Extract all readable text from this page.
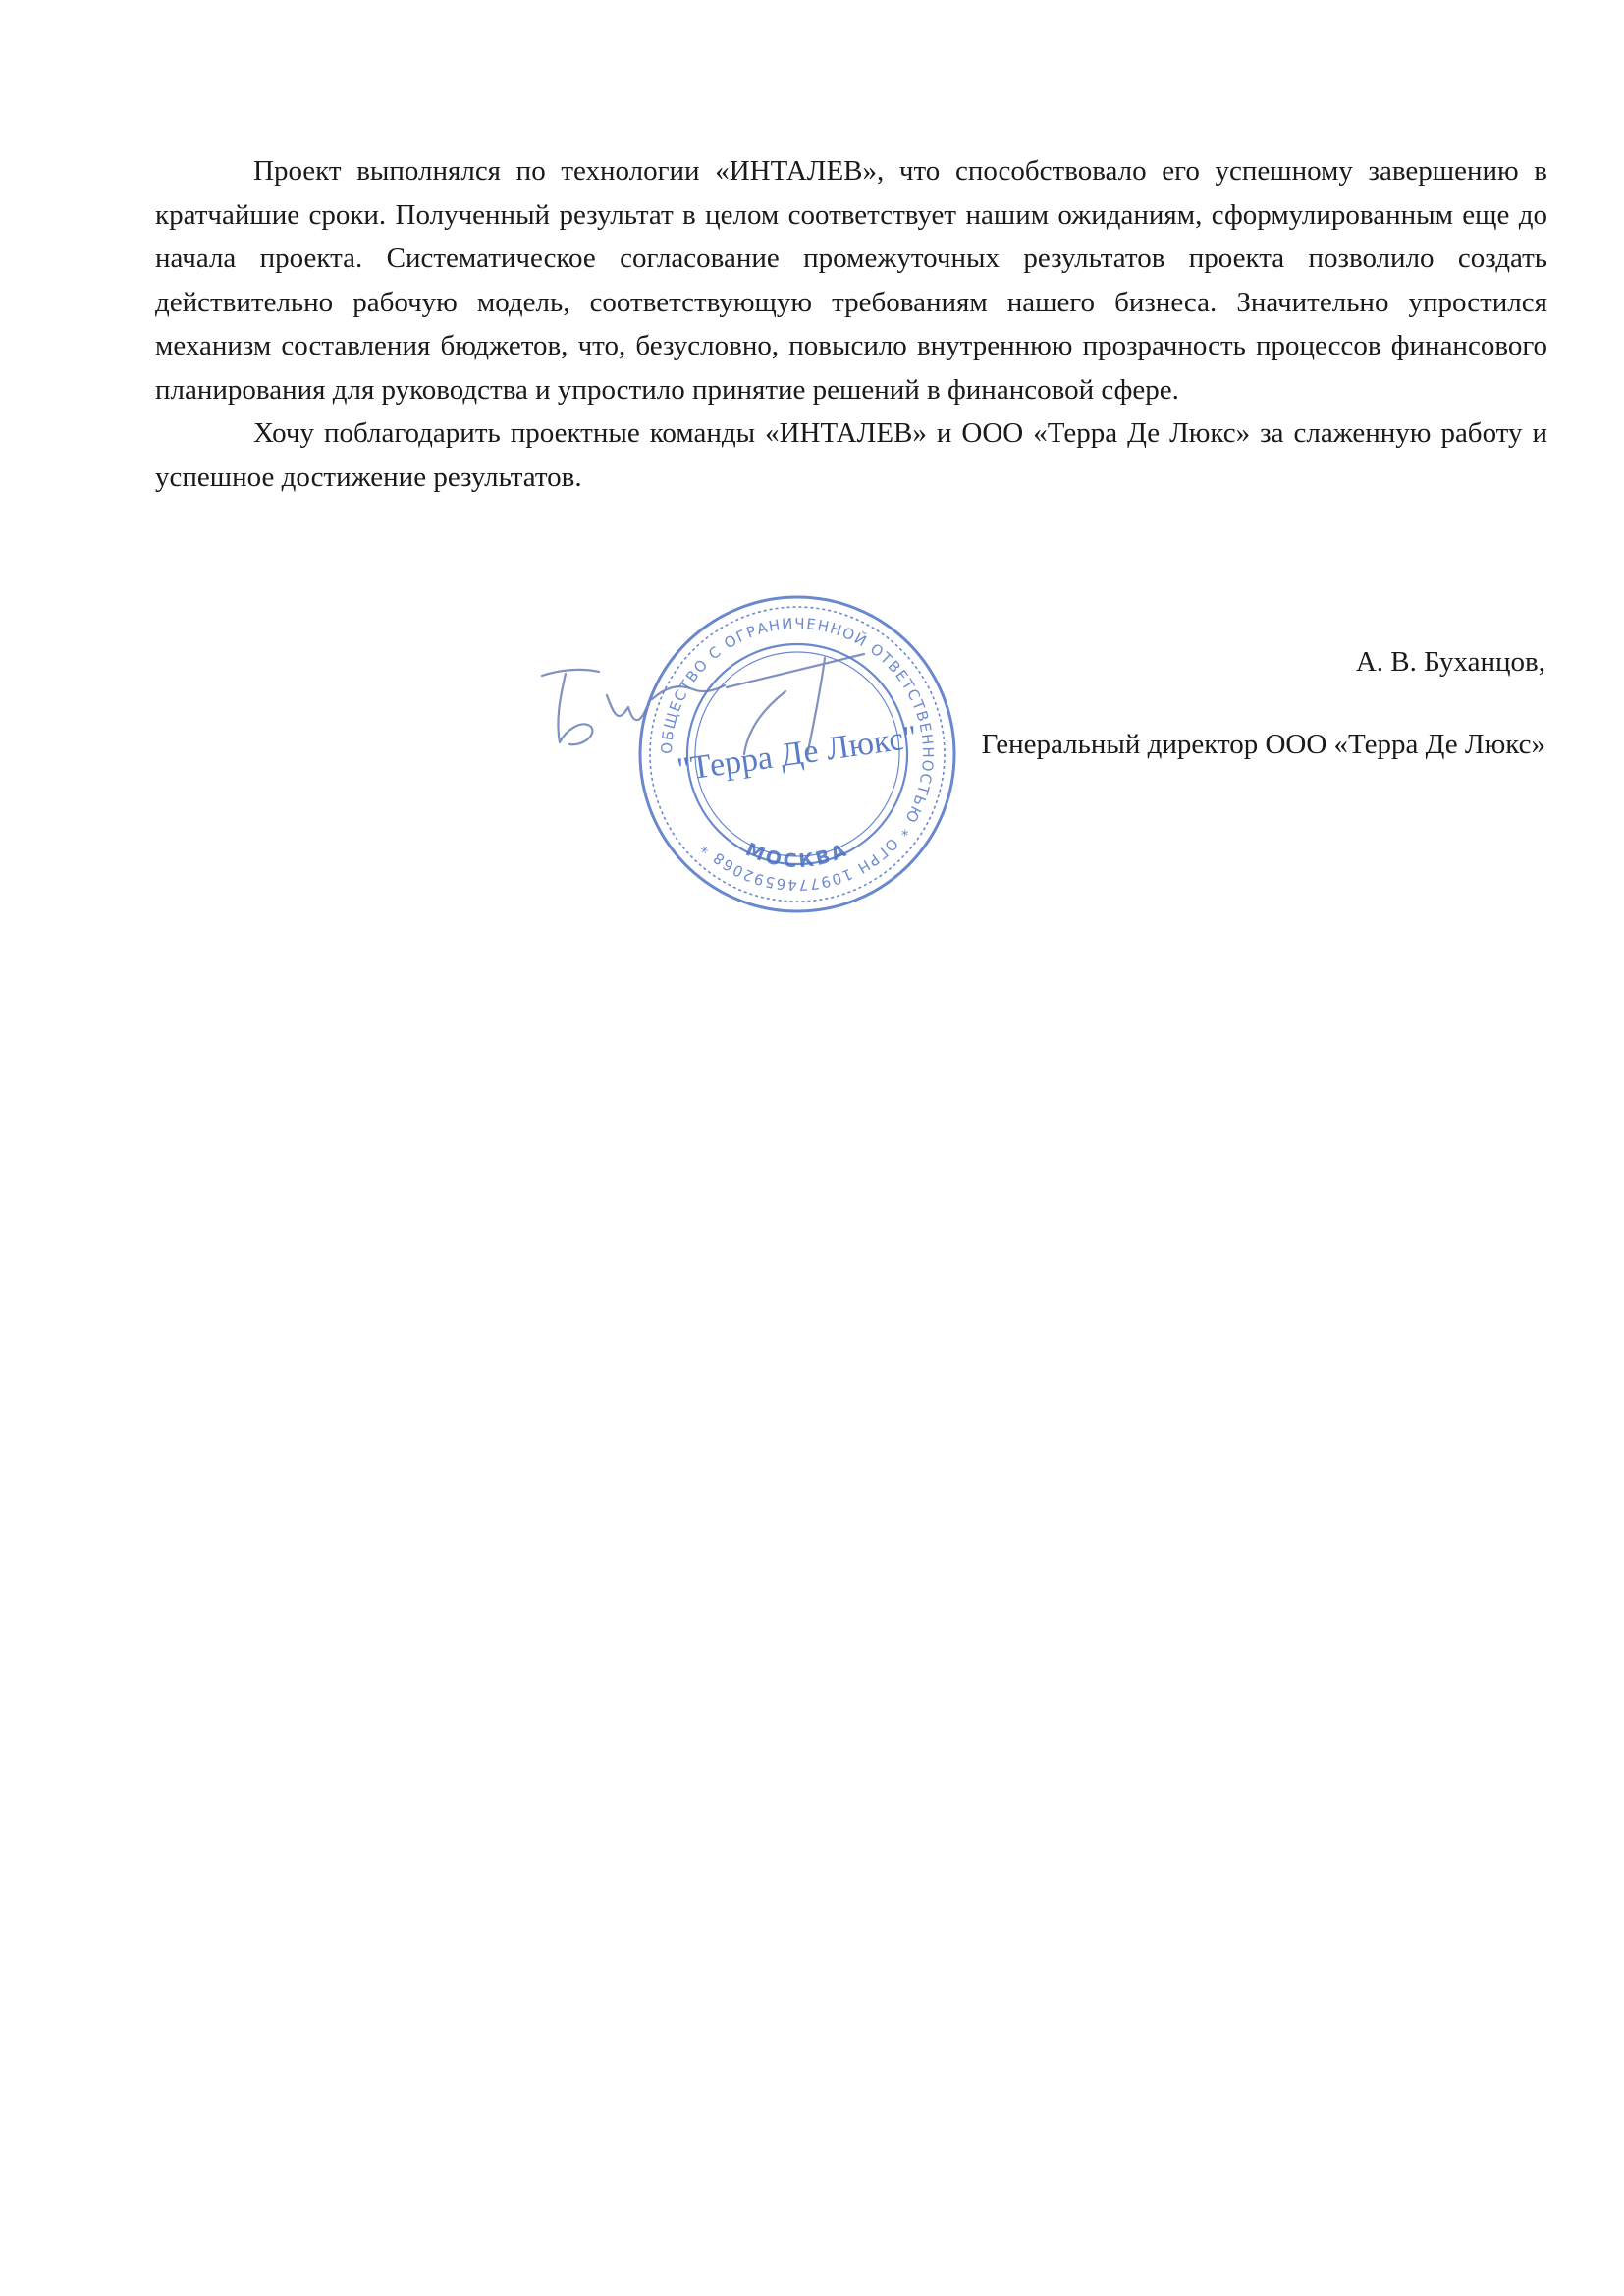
Проект выполнялся по технологии «ИНТАЛЕВ», что способствовало его успешному завершению в кратчайшие сроки. Полученный результат в целом соответствует нашим ожиданиям, сформулированным еще до начала проекта. Систематическое согласование промежуточных результатов проекта позволило создать действительно рабочую модель, соответствующую требованиям нашего бизнеса. Значительно упростился механизм составления бюджетов, что, безусловно, повысило внутреннюю прозрачность процессов финансового планирования для руководства и упростило принятие решений в финансовой сфере.

Хочу поблагодарить проектные команды «ИНТАЛЕВ» и ООО «Терра Де Люкс» за слаженную работу и успешное достижение результатов.

ОБЩЕСТВО С ОГРАНИЧЕННОЙ ОТВЕТСТВЕННОСТЬЮ * ОГРН 1097746592068 *	МОСКВА
"Терра Де Люкс"
А. В. Буханцов,
Генеральный директор ООО «Терра Де Люкс»
